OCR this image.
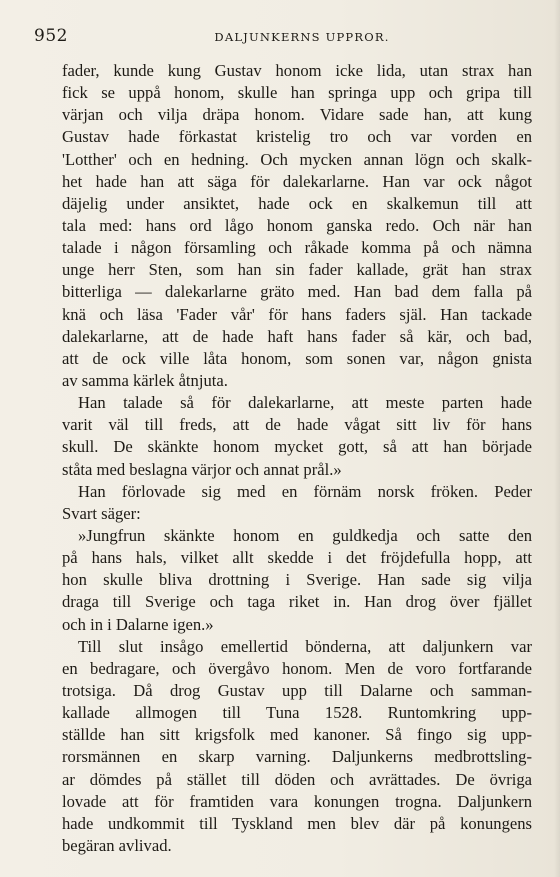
952	DALJUNKERNS UPPROR.
fader, kunde kung Gustav honom icke lida, utan strax han
fick se uppå honom, skulle han springa upp och gripa till
värjan och vilja dräpa honom. Vidare sade han, att kung
Gustav hade förkastat kristelig tro och var vorden en
'Lotther' och en hedning. Och mycken annan lögn och skalk-
het hade han att säga för dalekarlarne. Han var ock något
däjelig under ansiktet, hade ock en skalkemun till att
tala med: hans ord lågo honom ganska redo. Och när han
talade i någon församling och råkade komma på och nämna
unge herr Sten, som han sin fader kallade, grät han strax
bitterliga — dalekarlarne gräto med. Han bad dem falla på
knä och läsa 'Fader vår' för hans faders själ. Han tackade
dalekarlarne, att de hade haft hans fader så kär, och bad,
att de ock ville låta honom, som sonen var, någon gnista
av samma kärlek åtnjuta.
Han talade så för dalekarlarne, att meste parten hade
varit väl till freds, att de hade vågat sitt liv för hans
skull. De skänkte honom mycket gott, så att han började
ståta med beslagna värjor och annat prål.»
Han förlovade sig med en förnäm norsk fröken. Peder
Svart säger:
»Jungfrun skänkte honom en guldkedja och satte den
på hans hals, vilket allt skedde i det fröjdefulla hopp, att
hon skulle bliva drottning i Sverige. Han sade sig vilja
draga till Sverige och taga riket in. Han drog över fjället
och in i Dalarne igen.»
Till slut insågo emellertid bönderna, att daljunkern var
en bedragare, och övergåvo honom. Men de voro fortfarande
trotsiga. Då drog Gustav upp till Dalarne och samman-
kallade allmogen till Tuna 1528. Runtomkring upp-
ställde han sitt krigsfolk med kanoner. Så fingo sig upp-
rorsmännen en skarp varning. Daljunkerns medbrottsling-
ar dömdes på stället till döden och avrättades. De övriga
lovade att för framtiden vara konungen trogna. Daljunkern
hade undkommit till Tyskland men blev där på konungens
begäran avlivad.
